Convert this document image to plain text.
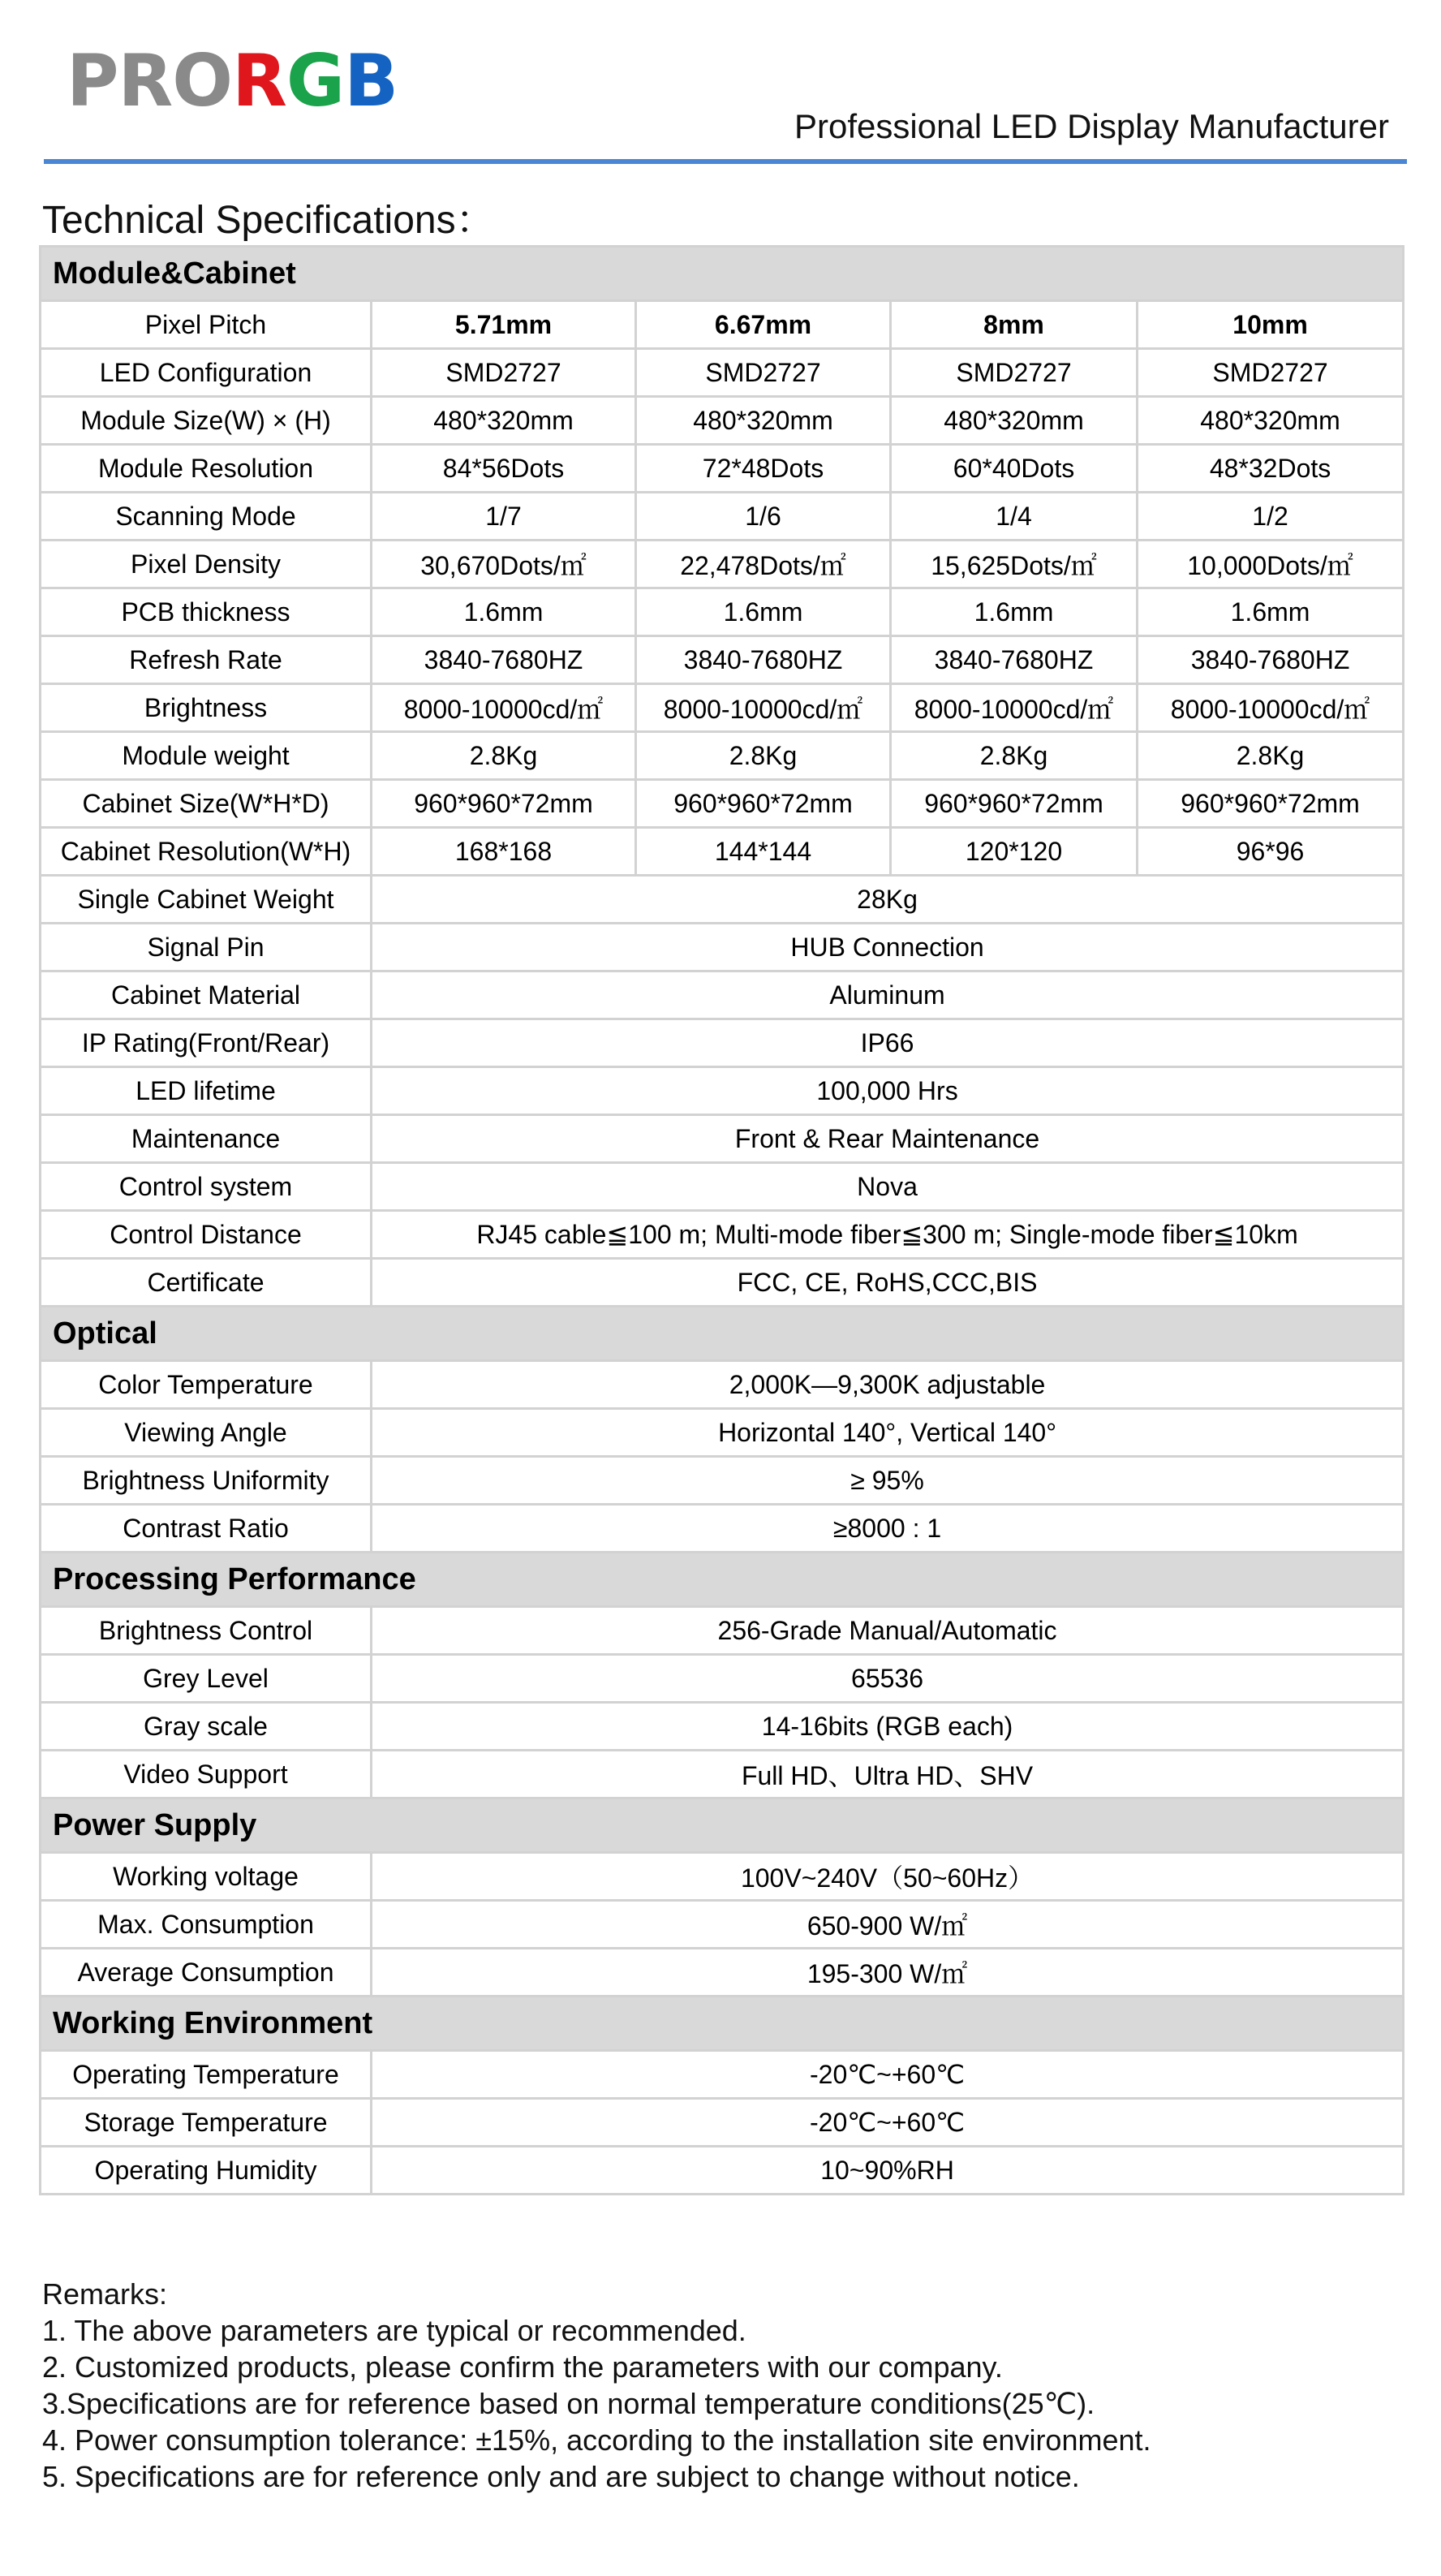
PRORGB
Professional LED Display Manufacturer
Technical Specifications：
Module&Cabinet				
Pixel Pitch	5.71mm	6.67mm	8mm	10mm
LED Configuration	SMD2727	SMD2727	SMD2727	SMD2727
Module Size(W) × (H)	480*320mm	480*320mm	480*320mm	480*320mm
Module Resolution	84*56Dots	72*48Dots	60*40Dots	48*32Dots
Scanning Mode	1/7	1/6	1/4	1/2
Pixel Density	30,670Dots/㎡	22,478Dots/㎡	15,625Dots/㎡	10,000Dots/㎡
PCB thickness	1.6mm	1.6mm	1.6mm	1.6mm
Refresh Rate	3840-7680HZ	3840-7680HZ	3840-7680HZ	3840-7680HZ
Brightness	8000-10000cd/㎡	8000-10000cd/㎡	8000-10000cd/㎡	8000-10000cd/㎡
Module weight	2.8Kg	2.8Kg	2.8Kg	2.8Kg
Cabinet Size(W*H*D)	960*960*72mm	960*960*72mm	960*960*72mm	960*960*72mm
Cabinet Resolution(W*H)	168*168	144*144	120*120	96*96
Single Cabinet Weight	28Kg			
Signal Pin	HUB Connection			
Cabinet Material	Aluminum			
IP Rating(Front/Rear)	IP66			
LED lifetime	100,000 Hrs			
Maintenance	Front & Rear Maintenance			
Control system	Nova			
Control Distance	RJ45 cable≦100 m; Multi-mode fiber≦300 m; Single-mode fiber≦10km			
Certificate	FCC, CE, RoHS,CCC,BIS			
Optical				
Color Temperature	2,000K—9,300K adjustable			
Viewing Angle	Horizontal 140°, Vertical 140°			
Brightness Uniformity	≥ 95%			
Contrast Ratio	≥8000 : 1			
Processing Performance				
Brightness Control	256-Grade Manual/Automatic			
Grey Level	65536			
Gray scale	14-16bits (RGB each)			
Video Support	Full HD、Ultra HD、SHV			
Power Supply				
Working voltage	100V~240V（50~60Hz）			
Max. Consumption	650-900 W/㎡			
Average Consumption	195-300 W/㎡			
Working Environment				
Operating Temperature	-20℃~+60℃			
Storage Temperature	-20℃~+60℃			
Operating Humidity	10~90%RH			
Remarks:
1. The above parameters are typical or recommended.
2. Customized products, please confirm the parameters with our company.
3.Specifications are for reference based on normal temperature conditions(25℃).
4. Power consumption tolerance: ±15%, according to the installation site environment.
5. Specifications are for reference only and are subject to change without notice.
